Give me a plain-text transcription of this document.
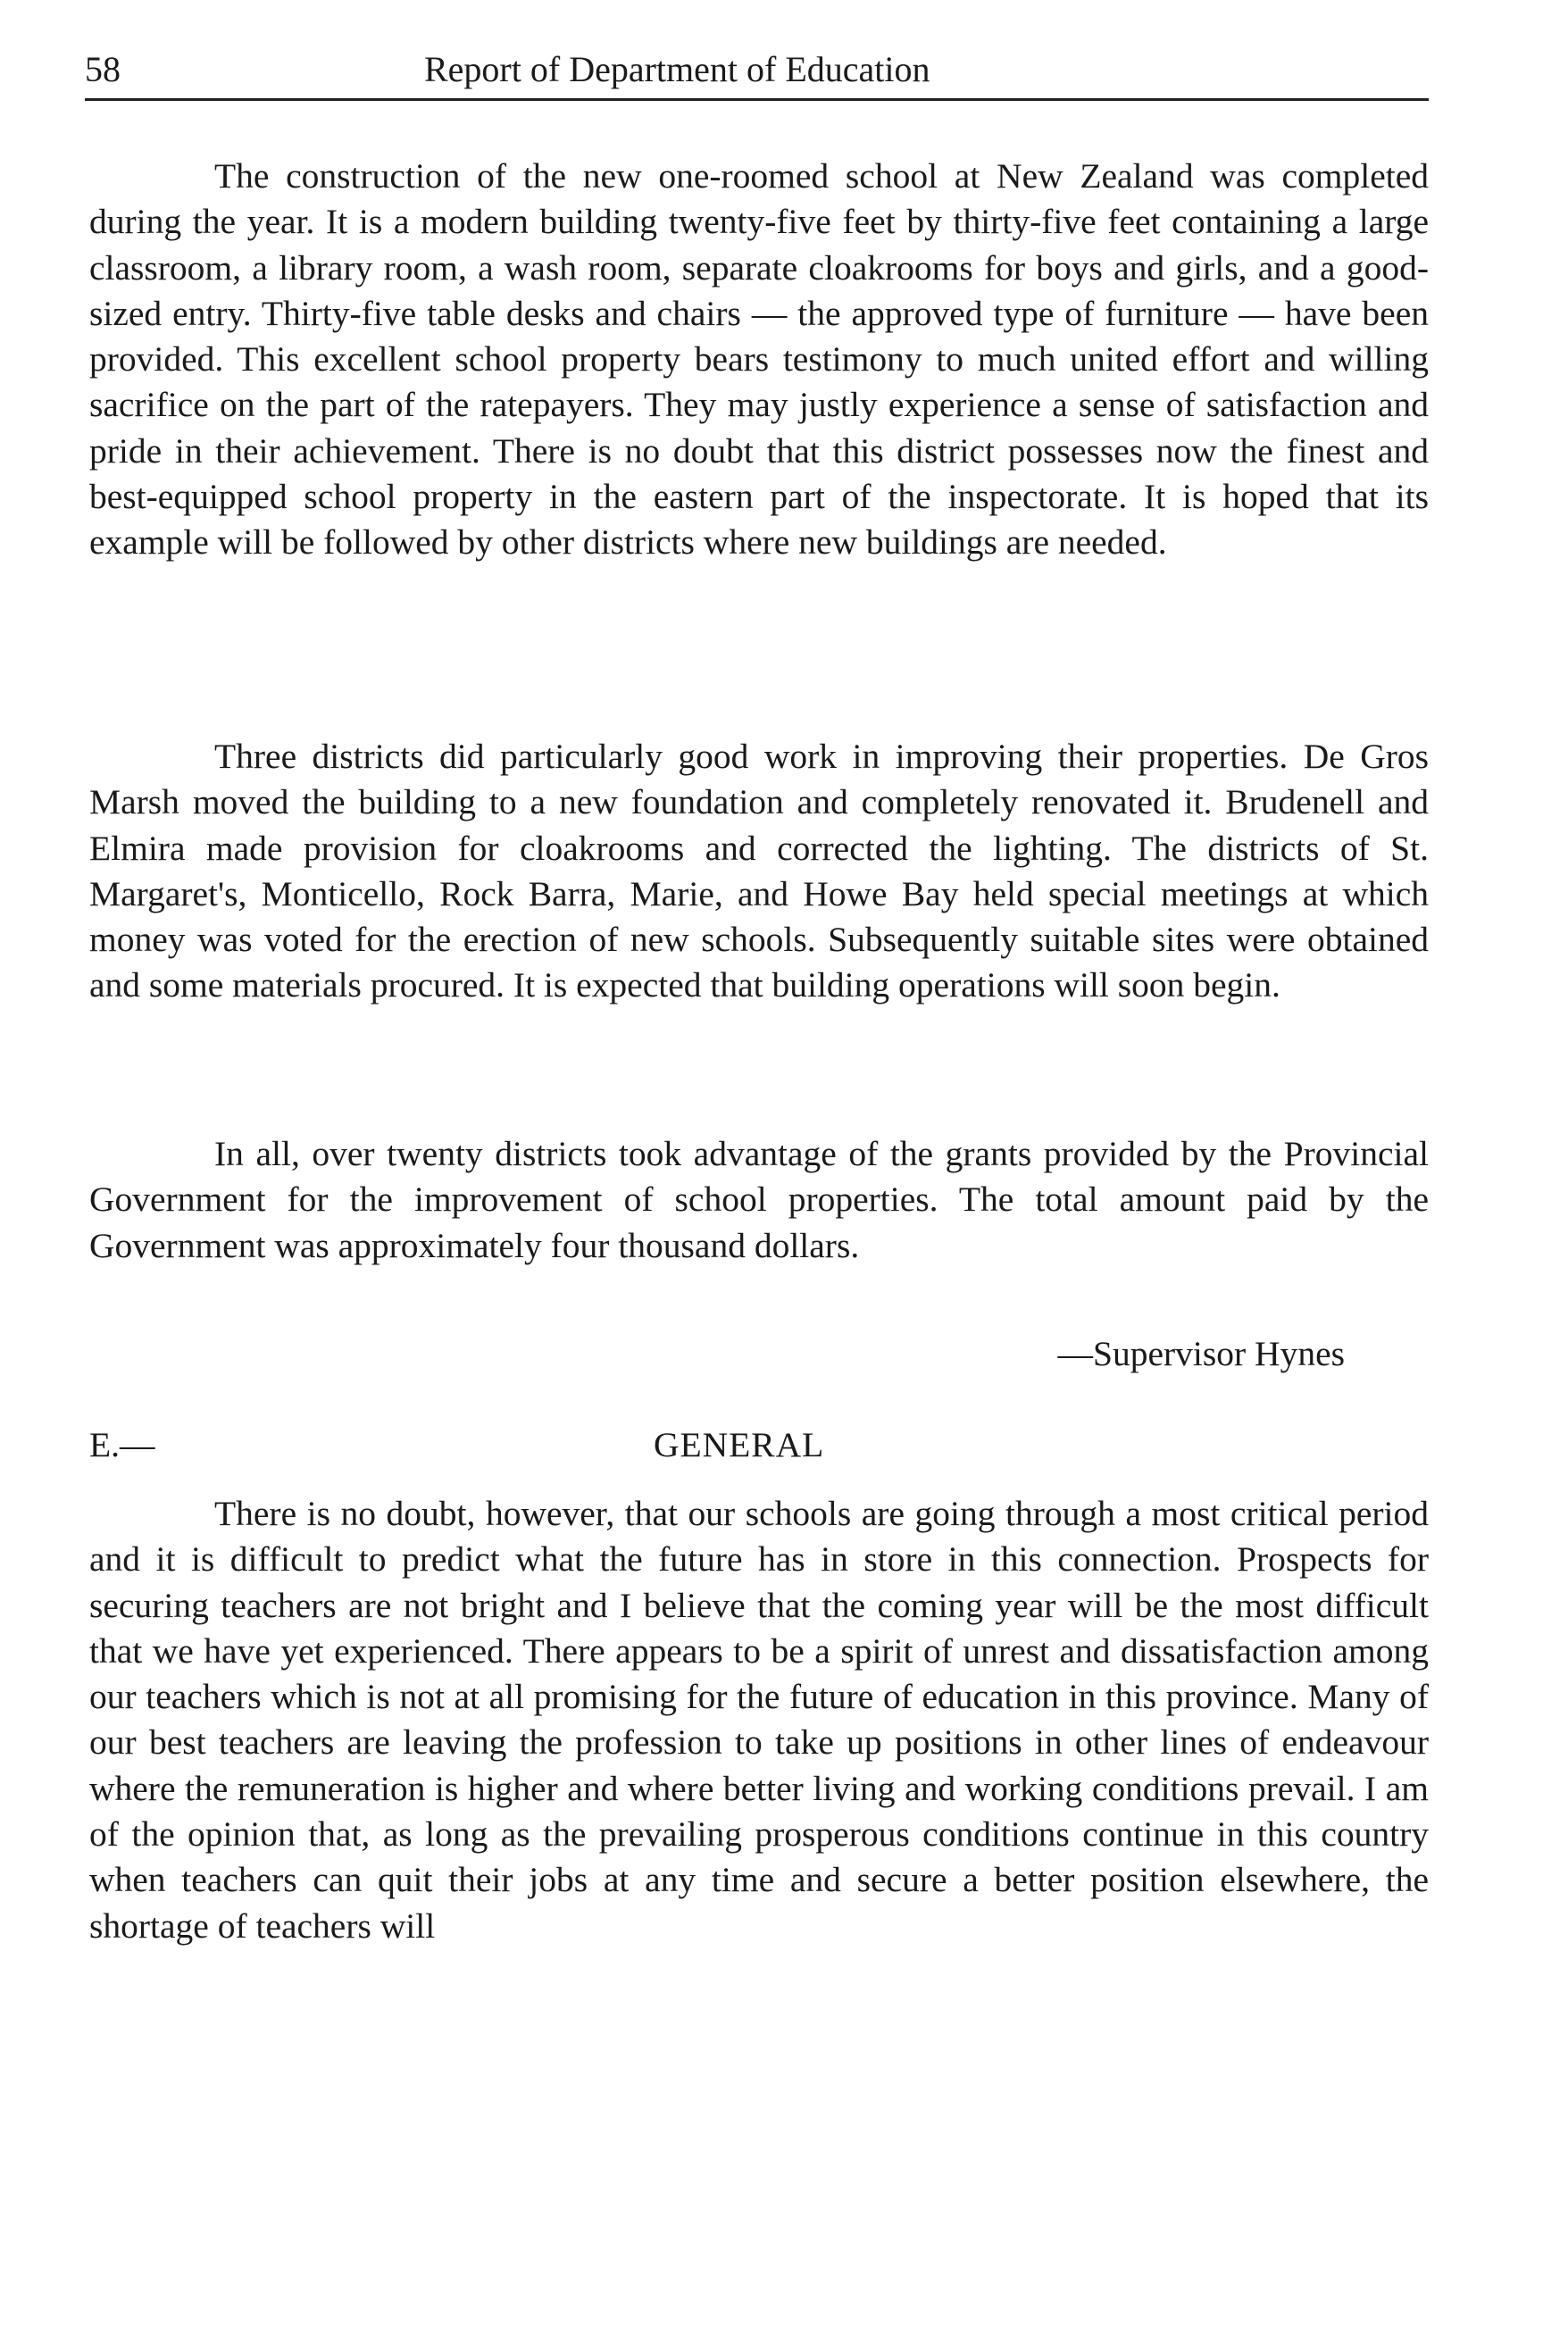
58	Report of Department of Education

The construction of the new one-roomed school at New Zealand was completed during the year. It is a modern building twenty-five feet by thirty-five feet containing a large classroom, a library room, a wash room, separate cloakrooms for boys and girls, and a good-sized entry. Thirty-five table desks and chairs — the approved type of furniture — have been provided. This excellent school property bears testimony to much united effort and willing sacrifice on the part of the ratepayers. They may justly experience a sense of satisfaction and pride in their achievement. There is no doubt that this district possesses now the finest and best-equipped school property in the eastern part of the inspectorate. It is hoped that its example will be followed by other districts where new buildings are needed.

Three districts did particularly good work in improving their properties. De Gros Marsh moved the building to a new foundation and completely renovated it. Brudenell and Elmira made provision for cloakrooms and corrected the lighting. The districts of St. Margaret's, Monticello, Rock Barra, Marie, and Howe Bay held special meetings at which money was voted for the erection of new schools. Subsequently suitable sites were obtained and some materials procured. It is expected that building operations will soon begin.

In all, over twenty districts took advantage of the grants provided by the Provincial Government for the improvement of school properties. The total amount paid by the Government was approximately four thousand dollars.

—Supervisor Hynes
E.—	GENERAL

There is no doubt, however, that our schools are going through a most critical period and it is difficult to predict what the future has in store in this connection. Prospects for securing teachers are not bright and I believe that the coming year will be the most difficult that we have yet experienced. There appears to be a spirit of unrest and dissatisfaction among our teachers which is not at all promising for the future of education in this province. Many of our best teachers are leaving the profession to take up positions in other lines of endeavour where the remuneration is higher and where better living and working conditions prevail. I am of the opinion that, as long as the prevailing prosperous conditions continue in this country when teachers can quit their jobs at any time and secure a better position elsewhere, the shortage of teachers will
